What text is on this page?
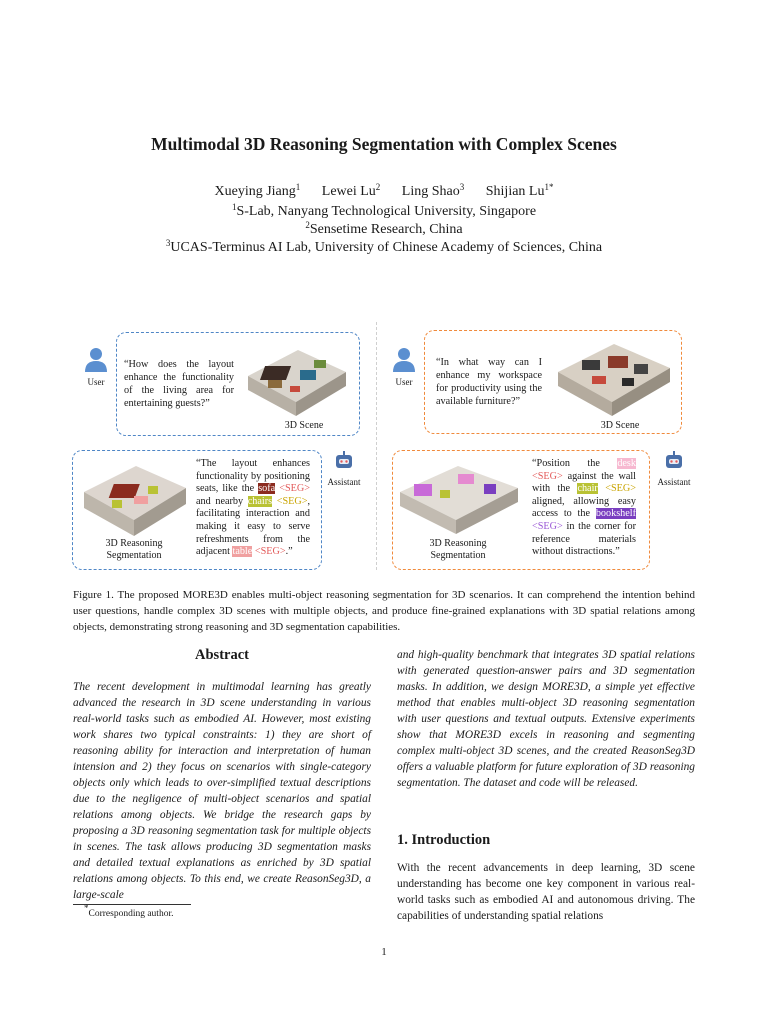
Multimodal 3D Reasoning Segmentation with Complex Scenes
Xueying Jiang$^1$ Lewei Lu$^2$ Ling Shao$^3$ Shijian $Lu^{1*}$
$^1$S-Lab, Nanyang Technological University, Singapore
$^2$Sensetime Research, China
$^3$UCAS-Terminus AI Lab, University of Chinese Academy of Sciences, China
User
“How does the layout enhance the functionality of the living area for entertaining guests?”
3D Scene
3D Reasoning Segmentation
“The layout enhances functionality by positioning seats, like the sofa <SEG> and nearby chairs <SEG>, facilitating interaction and making it easy to serve refreshments from the adjacent table <SEG>.”
Assistant
User
“In what way can I enhance my workspace for productivity using the available furniture?”
3D Scene
3D Reasoning Segmentation
“Position the desk <SEG> against the wall with the chair <SEG> aligned, allowing easy access to the bookshelf <SEG> in the corner for reference materials without distractions.”
Assistant
Figure 1. The proposed MORE3D enables multi-object reasoning segmentation for 3D scenarios. It can comprehend the intention behind user questions, handle complex 3D scenes with multiple objects, and produce fine-grained explanations with 3D spatial relations among objects, demonstrating strong reasoning and 3D segmentation capabilities.
Abstract
The recent development in multimodal learning has greatly advanced the research in 3D scene understanding in various real-world tasks such as embodied AI. However, most existing work shares two typical constraints: 1) they are short of reasoning ability for interaction and interpretation of human intension and 2) they focus on scenarios with single-category objects only which leads to over-simplified textual descriptions due to the negligence of multi-object scenarios and spatial relations among objects. We bridge the research gaps by proposing a 3D reasoning segmentation task for multiple objects in scenes. The task allows producing 3D segmentation masks and detailed textual explanations as enriched by 3D spatial relations among objects. To this end, we create ReasonSeg3D, a large-scale
*Corresponding author.
and high-quality benchmark that integrates 3D spatial relations with generated question-answer pairs and 3D segmentation masks. In addition, we design MORE3D, a simple yet effective method that enables multi-object 3D reasoning segmentation with user questions and textual outputs. Extensive experiments show that MORE3D excels in reasoning and segmenting complex multi-object 3D scenes, and the created ReasonSeg3D offers a valuable platform for future exploration of 3D reasoning segmentation. The dataset and code will be released.
1. Introduction
With the recent advancements in deep learning, 3D scene understanding has become one key component in various real-world tasks such as embodied AI and autonomous driving. The capabilities of understanding spatial relations
1
